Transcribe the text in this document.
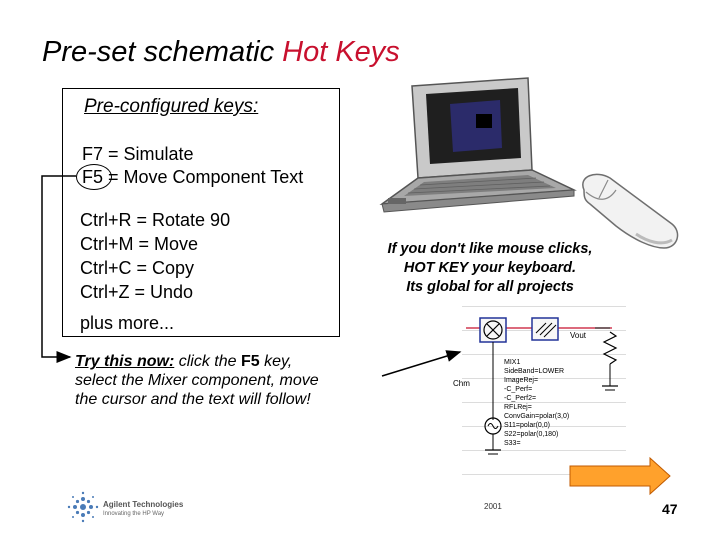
Pre-set schematic Hot Keys
Pre-configured keys:
F7 = Simulate
F5 = Move Component Text
Ctrl+R = Rotate 90
Ctrl+M = Move
Ctrl+C = Copy
Ctrl+Z = Undo
plus more...
If you don't like mouse clicks,
HOT KEY your keyboard.
Its global for all projects
Vout
Chm
MIX1
SideBand=LOWER
ImageRej=
-C_Perf=
-C_Perf2=
RFLRej=
ConvGain=polar(3,0)
S11=polar(0,0)
S22=polar(0,180)
S33=
Try this now: click the F5 key,
select the Mixer component, move
the cursor and the text will follow!
Agilent Technologies
Innovating the HP Way
2001	47
